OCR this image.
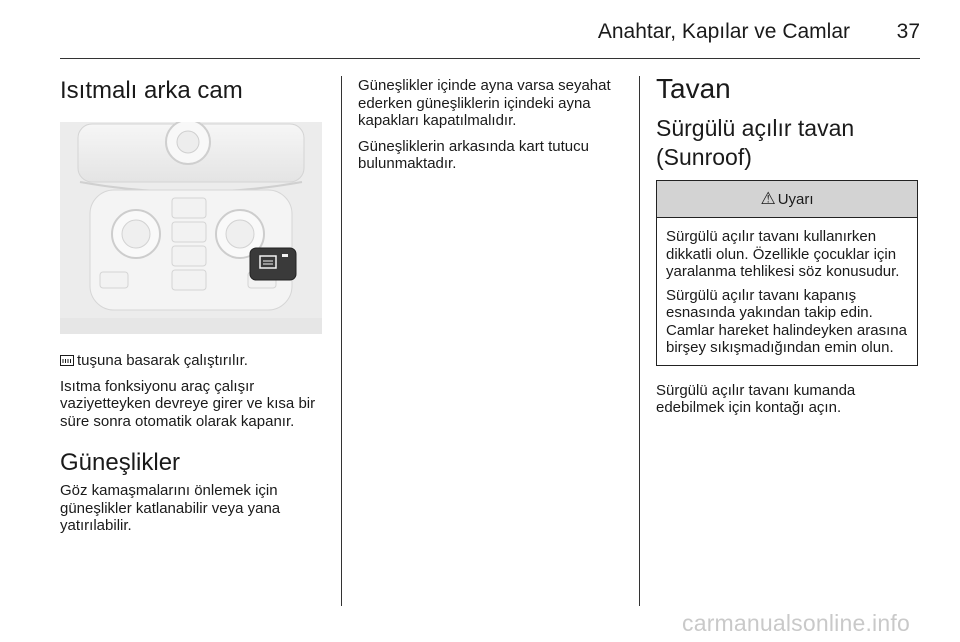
Anahtar, Kapılar ve Camlar	37
Isıtmalı arka cam

tuşuna basarak çalıştırılır.

Isıtma fonksiyonu araç çalışır vaziyetteyken devreye girer ve kısa bir süre sonra otomatik olarak kapanır.

Güneşlikler

Göz kamaşmalarını önlemek için güneşlikler katlanabilir veya yana yatırılabilir.

Güneşlikler içinde ayna varsa seyahat ederken güneşliklerin içindeki ayna kapakları kapatılmalıdır.

Güneşliklerin arkasında kart tutucu bulunmaktadır.

Tavan
Sürgülü açılır tavan (Sunroof)
⚠ Uyarı

Sürgülü açılır tavanı kullanırken dikkatli olun. Özellikle çocuklar için yaralanma tehlikesi söz konusudur.

Sürgülü açılır tavanı kapanış esnasında yakından takip edin. Camlar hareket halindeyken arasına birşey sıkışmadığından emin olun.

Sürgülü açılır tavanı kumanda edebilmek için kontağı açın.

carmanualsonline.info
